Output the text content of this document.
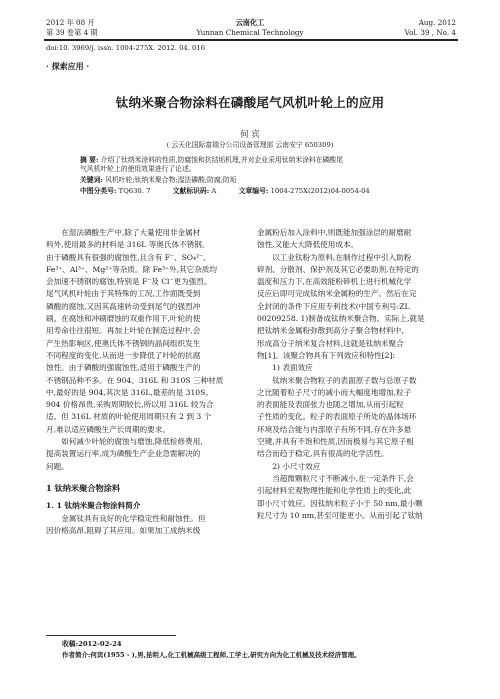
2012 年 08 月
第 39 卷第 4 期
云南化工
Yunnan Chemical Technology
Aug. 2012
Vol. 39 , No. 4
doi:10. 3969/j. issn. 1004-275X. 2012. 04. 016
· 探索应用 ·
钛纳米聚合物涂料在磷酸尾气风机叶轮上的应用
何 宾
( 云天化国际富瑞分公司设备管理部 云南安宁 650309)
摘 要: 介绍了钛纳米涂料的性质,防腐蚀和抗结垢机理,并对企业采用钛纳米涂料在磷酸尾
气风机叶轮上的使用效果进行了论述。
关键词: 风机叶轮;钛纳米聚合物;湿法磷酸;防腐;防垢
中图分类号: TQ630. 7	文献标识码: A	文章编号: 1004-275X(2012)04-0054-04

在湿法磷酸生产中,除了大量使用非金属材

料外,使用最多的材料是 316L 等奥氏体不锈钢。

由于磷酸具有很强的腐蚀性,且含有 F⁻、SO₄²⁻、

Fe³⁺、Al³⁺、Mg²⁺等杂质。除 Fe³⁺外,其它杂质均

会加速不锈钢的腐蚀,特别是 F⁻及 Cl⁻更为强烈。

尾气风机叶轮由于其特殊的工况,工作面既受到

磷酸的腐蚀,又因其高速转动受到尾气的强烈冲

刷。在腐蚀和冲刷磨蚀的双重作用下,叶轮的使

用寿命往往很短。再加上叶轮在制造过程中,会

产生热影响区,使奥氏体不锈钢的晶间组织发生

不同程度的变化,从而进一步降低了叶轮的抗腐

蚀性。由于磷酸的强腐蚀性,适用于磷酸生产的

不锈钢品种不多。在 904、316L 和 310S 三种材质

中,最好的是 904,其次是 316L,最差的是 310S。

904 价格昂贵,采购周期较长,所以用 316L 较为合

适。但 316L 材质的叶轮使用周期只有 2 到 3 个

月,难以适应磷酸生产长周期的要求。

如何减少叶轮的腐蚀与磨蚀,降低检修费用,

提高装置运行率,成为磷酸生产企业急需解决的

问题。

1 钛纳米聚合物涂料

1. 1 钛纳米聚合物涂料简介

金属钛具有良好的化学稳定性和耐蚀性。但

因价格高昂,阻碍了其应用。如果加工成纳米级

金属粉后加入涂料中,则既能加强涂层的耐磨耐

蚀性,又能大大降低使用成本。

以工业钛粉为原料,在制作过程中引入助粉

碎剂、分散剂、保护剂及其它必要助剂,在特定的

温度和压力下,在高效能粉碎机上进行机械化学

反应后即可完成钛纳米金属粉的生产。然后在完

全封闭的条件下应用专利技术(中国专利号:ZL

00209258. 1)制备成钛纳米聚合物。实际上,就是

把钛纳米金属粉弥散到高分子聚合物材料中,

形成高分子纳米复合材料,这就是钛纳米聚合

物[1]。该聚合物具有下列效应和特性[2]:

1) 表面效应

钛纳米聚合物粒子的表面原子数与总原子数

之比随着粒子尺寸的减小而大幅度地增加,粒子

的表面能及表面张力也随之增加,从而引起粒

子性质的变化。粒子的表面原子所处的晶体场环

环境及结合能与内部原子有所不同,存在许多悬

空键,并具有不饱和性质,因而极易与其它原子相

结合而趋于稳定,具有很高的化学活性。

2) 小尺寸效应

当超微颗粒尺寸不断减小,在一定条件下,会

引起材料宏观物理性能和化学性质上的变化,此

即小尺寸效应。因钛纳米粒子小于 50 nm,最小颗

粒尺寸为 10 nm,甚至可能更小。从而引起了钛纳

收稿:2012-02-24
作者简介:何宾(1955 - ),男,昆明人,化工机械高级工程师,工学士,研究方向为化工机械及技术经济管理。
